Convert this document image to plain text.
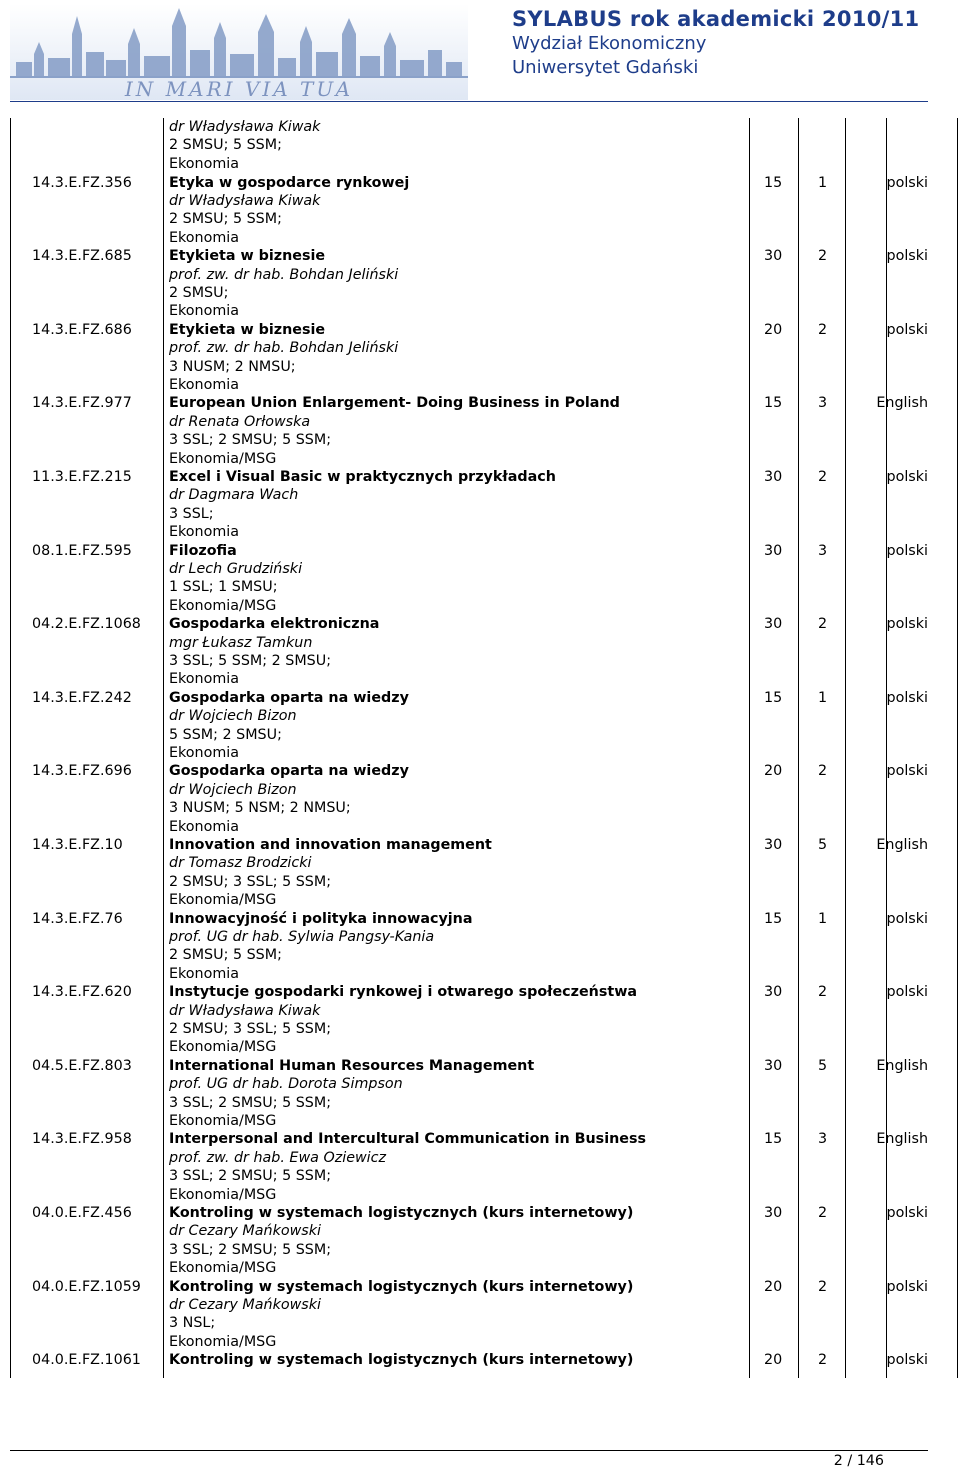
IN MARI VIA TUA
SYLABUS rok akademicki 2010/11
Wydział Ekonomiczny
Uniwersytet Gdański
dr Władysława Kiwak
2 SMSU; 5 SSM;
Ekonomia
14.3.E.FZ.356	Etyka w gospodarce rynkowej
dr Władysława Kiwak
2 SMSU; 5 SSM;
Ekonomia
15	1	polski
14.3.E.FZ.685	Etykieta w biznesie
prof. zw. dr hab. Bohdan Jeliński
2 SMSU;
Ekonomia
30	2	polski
14.3.E.FZ.686	Etykieta w biznesie
prof. zw. dr hab. Bohdan Jeliński
3 NUSM; 2 NMSU;
Ekonomia
20	2	polski
14.3.E.FZ.977	European Union Enlargement- Doing Business in Poland
dr Renata Orłowska
3 SSL; 2 SMSU; 5 SSM;
Ekonomia/MSG
15	3	English
11.3.E.FZ.215	Excel i Visual Basic w praktycznych przykładach
dr Dagmara Wach
3 SSL;
Ekonomia
30	2	polski
08.1.E.FZ.595	Filozofia
dr Lech Grudziński
1 SSL; 1 SMSU;
Ekonomia/MSG
30	3	polski
04.2.E.FZ.1068 Gospodarka elektroniczna
mgr Łukasz Tamkun
3 SSL; 5 SSM; 2 SMSU;
Ekonomia
30	2	polski
14.3.E.FZ.242	Gospodarka oparta na wiedzy
dr Wojciech Bizon
5 SSM; 2 SMSU;
Ekonomia
15	1	polski
14.3.E.FZ.696	Gospodarka oparta na wiedzy
dr Wojciech Bizon
3 NUSM; 5 NSM; 2 NMSU;
Ekonomia
20	2	polski
14.3.E.FZ.10	Innovation and innovation management
dr Tomasz Brodzicki
2 SMSU; 3 SSL; 5 SSM;
Ekonomia/MSG
30	5	English
14.3.E.FZ.76	Innowacyjność i polityka innowacyjna
prof. UG dr hab. Sylwia Pangsy-Kania
2 SMSU; 5 SSM;
Ekonomia
15	1	polski
14.3.E.FZ.620	Instytucje gospodarki rynkowej i otwarego społeczeństwa
dr Władysława Kiwak
2 SMSU; 3 SSL; 5 SSM;
Ekonomia/MSG
30	2	polski
04.5.E.FZ.803	International Human Resources Management
prof. UG dr hab. Dorota Simpson
3 SSL; 2 SMSU; 5 SSM;
Ekonomia/MSG
30	5	English
14.3.E.FZ.958	Interpersonal and Intercultural Communication in Business
prof. zw. dr hab. Ewa Oziewicz
3 SSL; 2 SMSU; 5 SSM;
Ekonomia/MSG
15	3	English
04.0.E.FZ.456	Kontroling w systemach logistycznych (kurs internetowy)
dr Cezary Mańkowski
3 SSL; 2 SMSU; 5 SSM;
Ekonomia/MSG
30	2	polski
04.0.E.FZ.1059 Kontroling w systemach logistycznych (kurs internetowy)
dr Cezary Mańkowski
3 NSL;
Ekonomia/MSG
20	2	polski
04.0.E.FZ.1061 Kontroling w systemach logistycznych (kurs internetowy)	20	2	polski
2 / 146
